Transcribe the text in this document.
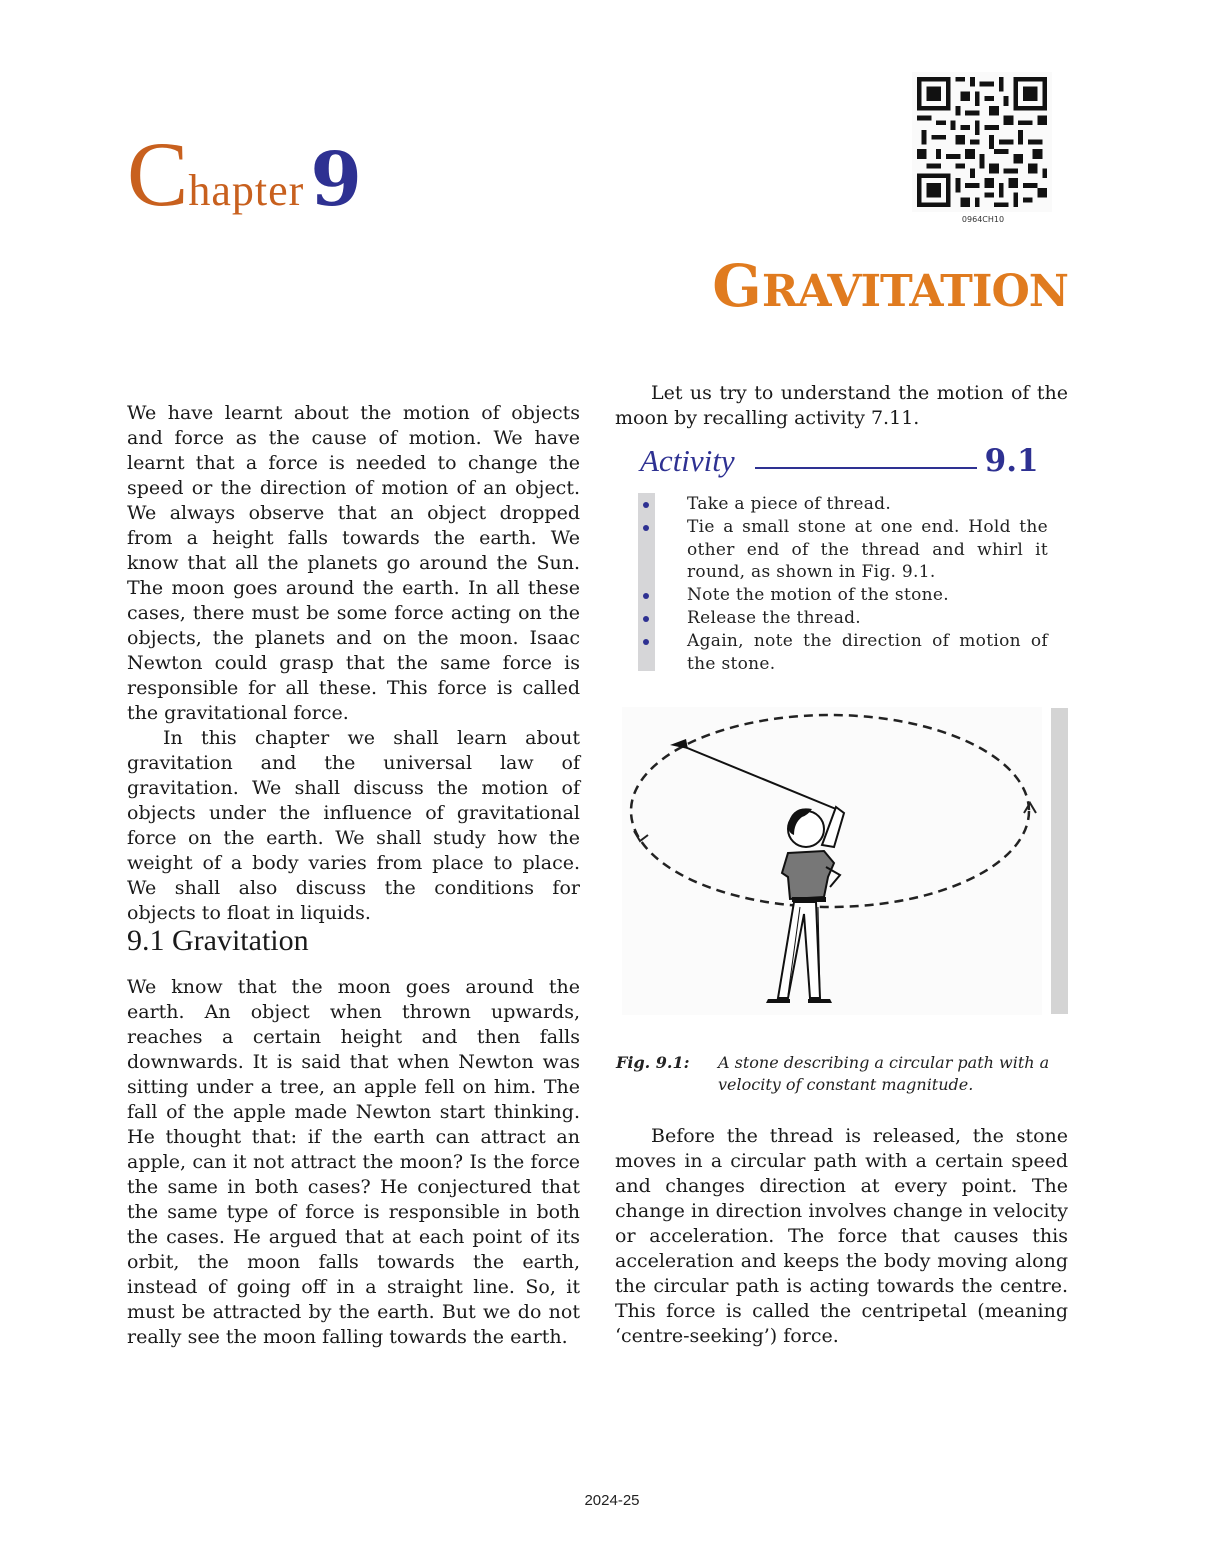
Chapter9	0964CH10
GRAVITATION

We have learnt about the motion of objects and force as the cause of motion. We have learnt that a force is needed to change the speed or the direction of motion of an object. We always observe that an object dropped from a height falls towards the earth. We know that all the planets go around the Sun. The moon goes around the earth. In all these cases, there must be some force acting on the objects, the planets and on the moon. Isaac Newton could grasp that the same force is responsible for all these. This force is called the gravitational force.

In this chapter we shall learn about gravitation and the universal law of gravitation. We shall discuss the motion of objects under the influence of gravitational force on the earth. We shall study how the weight of a body varies from place to place. We shall also discuss the conditions for objects to float in liquids.

9.1 Gravitation

We know that the moon goes around the earth. An object when thrown upwards, reaches a certain height and then falls downwards. It is said that when Newton was sitting under a tree, an apple fell on him. The fall of the apple made Newton start thinking. He thought that: if the earth can attract an apple, can it not attract the moon? Is the force the same in both cases? He conjectured that the same type of force is responsible in both the cases. He argued that at each point of its orbit, the moon falls towards the earth, instead of going off in a straight line. So, it must be attracted by the earth. But we do not really see the moon falling towards the earth.

Let us try to understand the motion of the moon by recalling activity 7.11.

Activity	9.1
Take a piece of thread.
Tie a small stone at one end. Hold the other end of the thread and whirl it round, as shown in Fig. 9.1.
Note the motion of the stone.
Release the thread.
Again, note the direction of motion of the stone.
Fig. 9.1: A stone describing a circular path with a velocity of constant magnitude.

Before the thread is released, the stone moves in a circular path with a certain speed and changes direction at every point. The change in direction involves change in velocity or acceleration. The force that causes this acceleration and keeps the body moving along the circular path is acting towards the centre. This force is called the centripetal (meaning ‘centre-seeking’) force.

2024-25
